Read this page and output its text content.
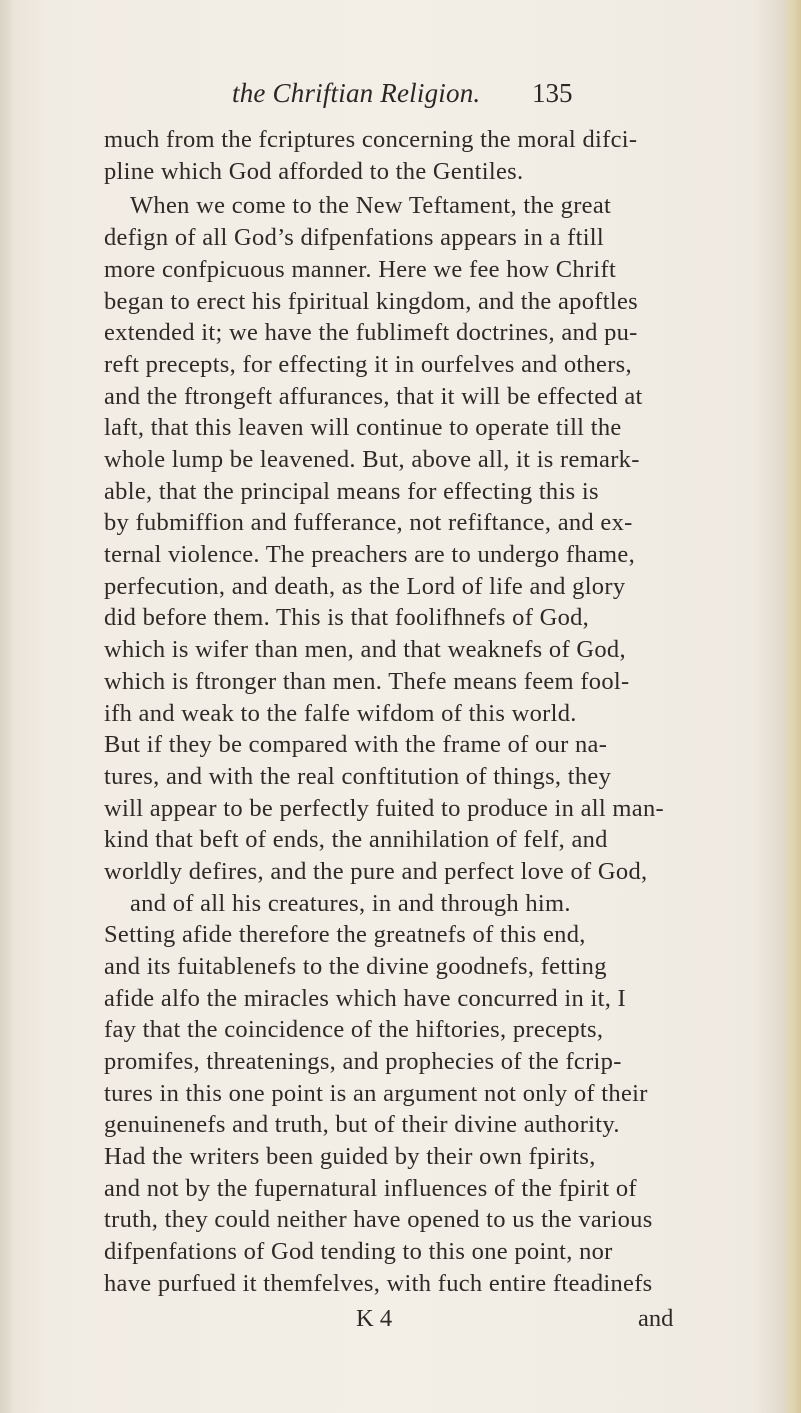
the Chriftian Religion. 135
much from the fcriptures concerning the moral difci-
pline which God afforded to the Gentiles.
When we come to the New Teftament, the great
defign of all God’s difpenfations appears in a ftill
more confpicuous manner. Here we fee how Chrift
began to erect his fpiritual kingdom, and the apoftles
extended it; we have the fublimeft doctrines, and pu-
reft precepts, for effecting it in ourfelves and others,
and the ftrongeft affurances, that it will be effected at
laft, that this leaven will continue to operate till the
whole lump be leavened. But, above all, it is remark-
able, that the principal means for effecting this is
by fubmiffion and fufferance, not refiftance, and ex-
ternal violence. The preachers are to undergo fhame,
perfecution, and death, as the Lord of life and glory
did before them. This is that foolifhnefs of God,
which is wifer than men, and that weaknefs of God,
which is ftronger than men. Thefe means feem fool-
ifh and weak to the falfe wifdom of this world.
But if they be compared with the frame of our na-
tures, and with the real conftitution of things, they
will appear to be perfectly fuited to produce in all man-
kind that beft of ends, the annihilation of felf, and
worldly defires, and the pure and perfect love of God,
and of all his creatures, in and through him.
Setting afide therefore the greatnefs of this end,
and its fuitablenefs to the divine goodnefs, fetting
afide alfo the miracles which have concurred in it, I
fay that the coincidence of the hiftories, precepts,
promifes, threatenings, and prophecies of the fcrip-
tures in this one point is an argument not only of their
genuinenefs and truth, but of their divine authority.
Had the writers been guided by their own fpirits,
and not by the fupernatural influences of the fpirit of
truth, they could neither have opened to us the various
difpenfations of God tending to this one point, nor
have purfued it themfelves, with fuch entire fteadinefs
K 4	and
